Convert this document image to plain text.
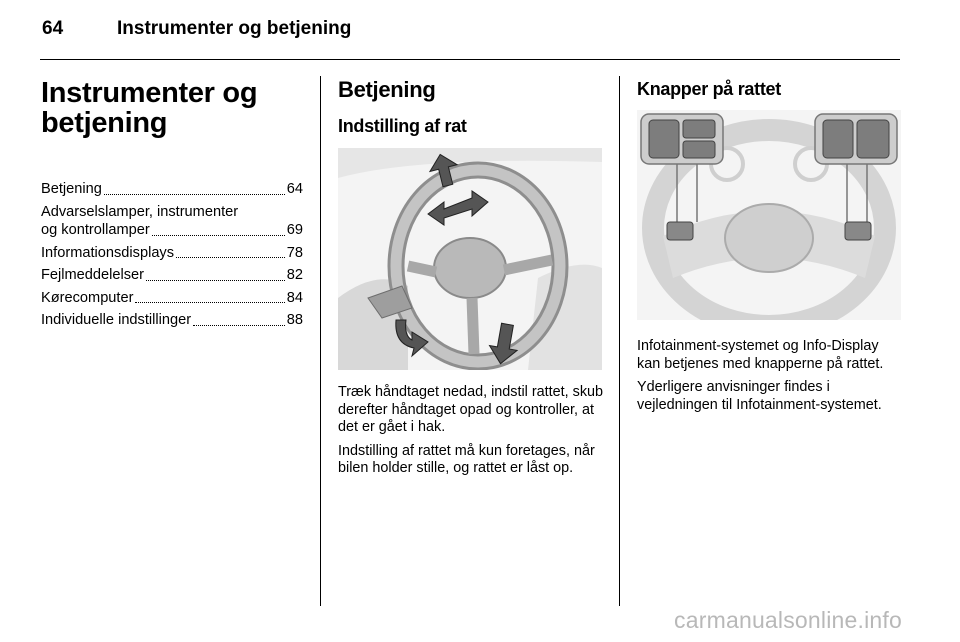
64	Instrumenter og betjening
Instrumenter og
betjening
Betjening	64
Advarselslamper, instrumenter
og kontrollamper	69
Informationsdisplays	78
Fejlmeddelelser	82
Kørecomputer	84
Individuelle indstillinger	88
Betjening
Indstilling af rat

Træk håndtaget nedad, indstil rattet, skub derefter håndtaget opad og kontroller, at det er gået i hak.

Indstilling af rattet må kun foretages, når bilen holder stille, og rattet er låst op.

Knapper på rattet

Infotainment-systemet og Info-Display kan betjenes med knapperne på rattet.

Yderligere anvisninger findes i vejledningen til Infotainment-systemet.

carmanualsonline.info
